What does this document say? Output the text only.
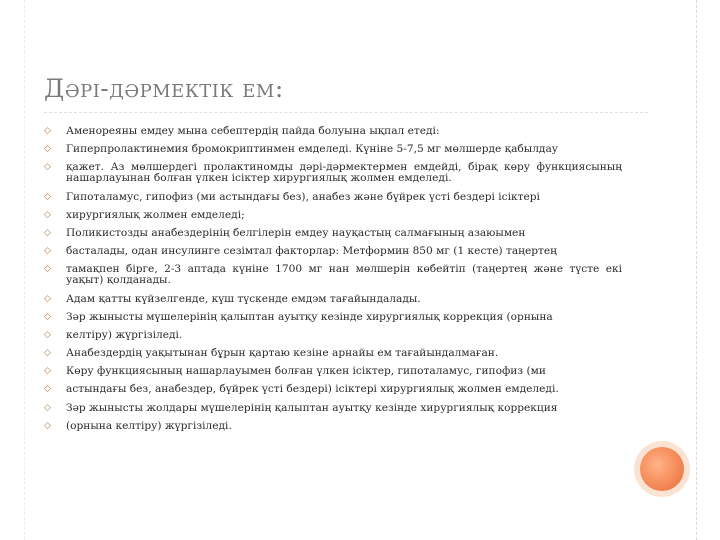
Дәрі-дәрмектік ем:
◇ Аменореяны емдеу мына себептердің пайда болуына ықпал етеді:
◇ Гиперпролактинемия бромокриптинмен емделеді. Күніне 5-7,5 мг мөлшерде қабылдау
◇ қажет. Аз мөлшердегі пролактиномды дәрі-дәрмектермен емдейді, бірақ көру функциясының нашарлауынан болған үлкен ісіктер хирургиялық жолмен емделеді.
◇ Гипоталамус, гипофиз (ми астындағы без), анабез және бүйрек үсті бездері ісіктері
◇ хирургиялық жолмен емделеді;
◇ Поликистозды анабездерінің белгілерін емдеу науқастың салмағының азаюымен
◇ басталады, одан инсулинге сезімтал факторлар: Метформин 850 мг (1 кесте) таңертең
◇ тамақпен бірге, 2-3 аптада күніне 1700 мг нан мөлшерін көбейтіп (таңертең және түсте екі уақыт) қолданады.
◇ Адам қатты күйзелгенде, күш түскенде емдэм тағайындалады.
◇ Зәр жыныcты мүшелерінің қалыптан ауытқу кезінде хирургиялық коррекция (орнына
◇ келтіру) жүргізіледі.
◇ Анабездердің уақытынан бұрын қартаю кезіне арнайы ем тағайындалмаған.
◇ Көру функциясының нашарлауымен болған үлкен ісіктер, гипоталамус, гипофиз (ми
◇ астындағы без, анабездер, бүйрек үсті бездері) ісіктері хирургиялық жолмен емделеді.
◇ Зәр жыныcты жолдары мүшелерінің қалыптан ауытқу кезінде хирургиялық коррекция
◇ (орнына келтіру) жүргізіледі.
